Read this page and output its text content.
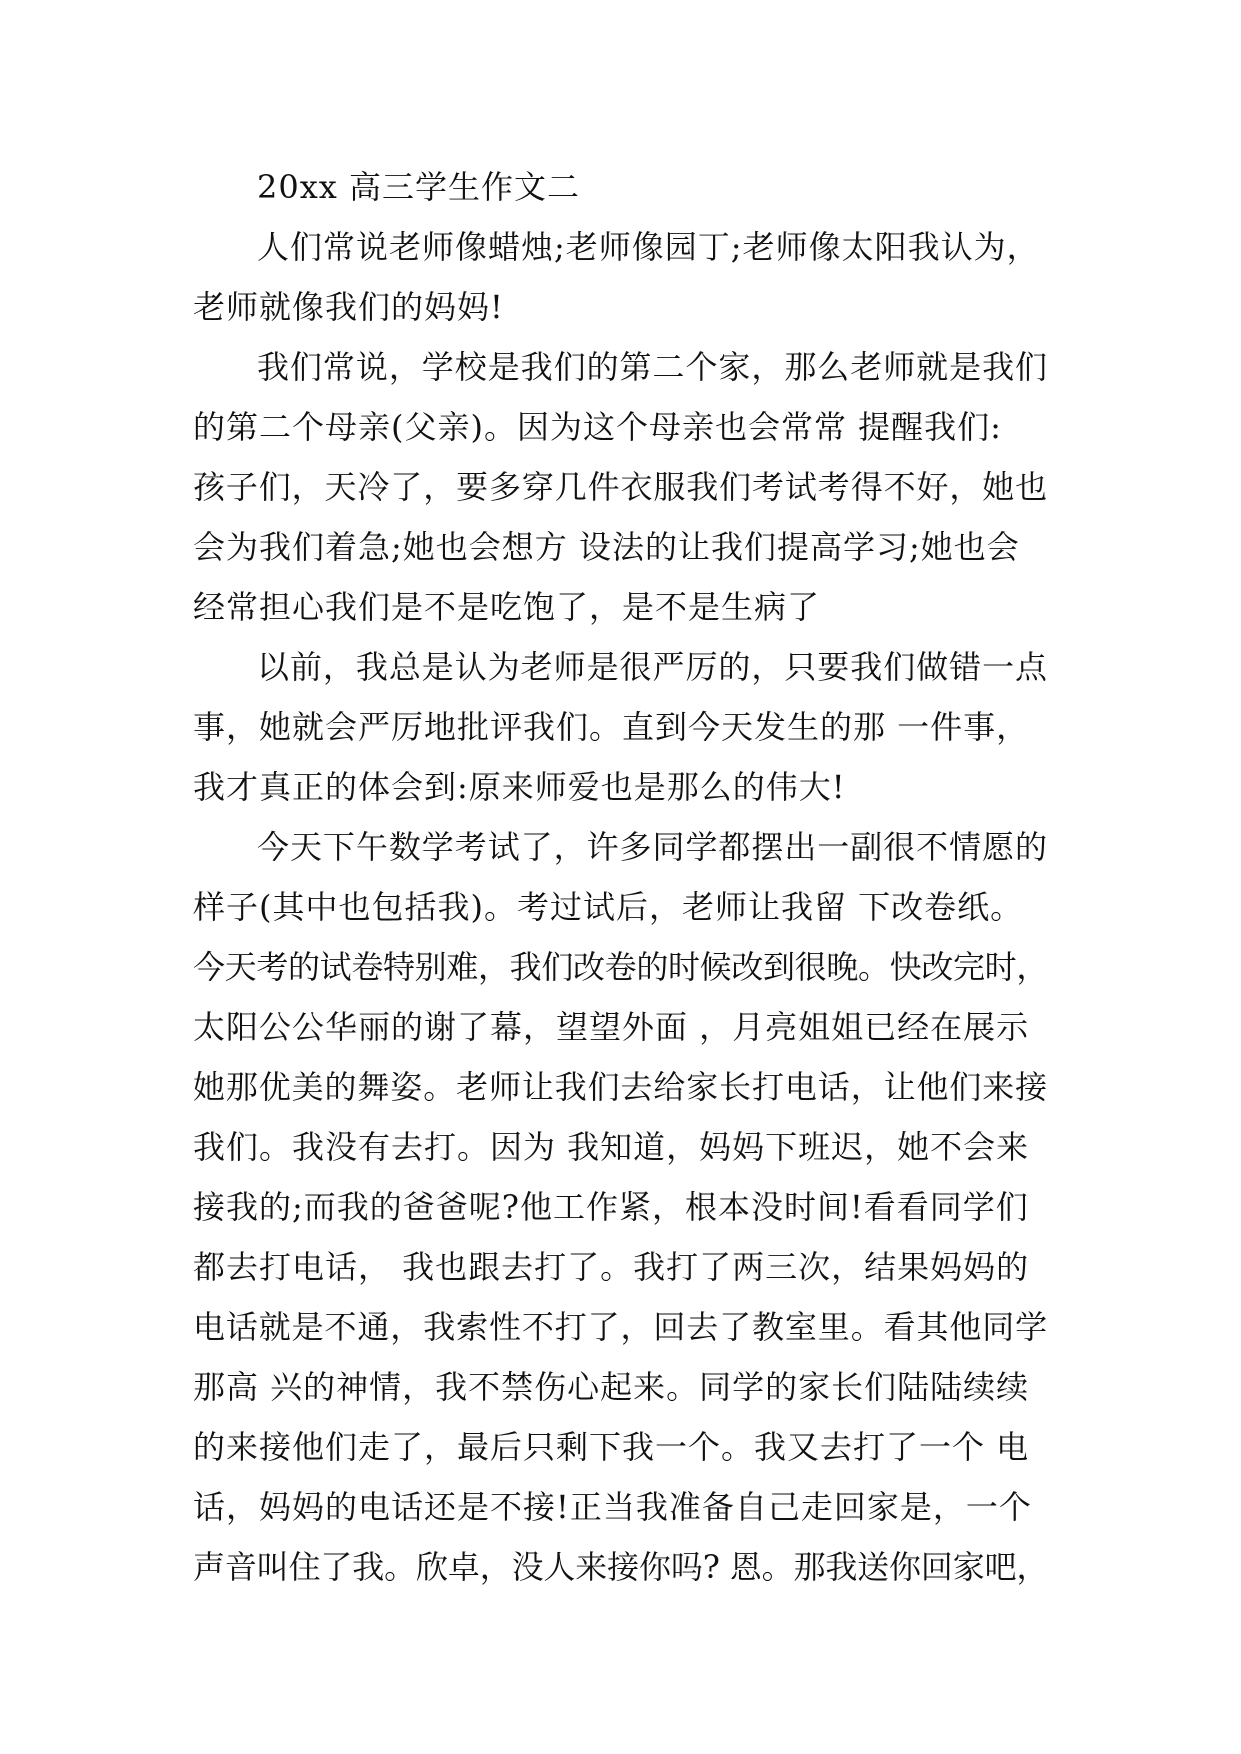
20xx 高三学生作文二
人们常说老师像蜡烛;老师像园丁;老师像太阳我认为，
老师就像我们的妈妈!
我们常说，学校是我们的第二个家，那么老师就是我们
的第二个母亲(父亲)。因为这个母亲也会常常 提醒我们:
孩子们，天冷了，要多穿几件衣服我们考试考得不好，她也
会为我们着急;她也会想方 设法的让我们提高学习;她也会
经常担心我们是不是吃饱了，是不是生病了
以前，我总是认为老师是很严厉的，只要我们做错一点
事，她就会严厉地批评我们。直到今天发生的那 一件事，
我才真正的体会到:原来师爱也是那么的伟大!
今天下午数学考试了，许多同学都摆出一副很不情愿的
样子(其中也包括我)。考过试后，老师让我留 下改卷纸。
今天考的试卷特别难，我们改卷的时候改到很晚。快改完时，
太阳公公华丽的谢了幕，望望外面 ，月亮姐姐已经在展示
她那优美的舞姿。老师让我们去给家长打电话，让他们来接
我们。我没有去打。因为 我知道，妈妈下班迟，她不会来
接我的;而我的爸爸呢?他工作紧，根本没时间!看看同学们
都去打电话， 我也跟去打了。我打了两三次，结果妈妈的
电话就是不通，我索性不打了，回去了教室里。看其他同学
那高 兴的神情，我不禁伤心起来。同学的家长们陆陆续续
的来接他们走了，最后只剩下我一个。我又去打了一个 电
话，妈妈的电话还是不接!正当我准备自己走回家是，一个
声音叫住了我。欣卓，没人来接你吗? 恩。那我送你回家吧，
